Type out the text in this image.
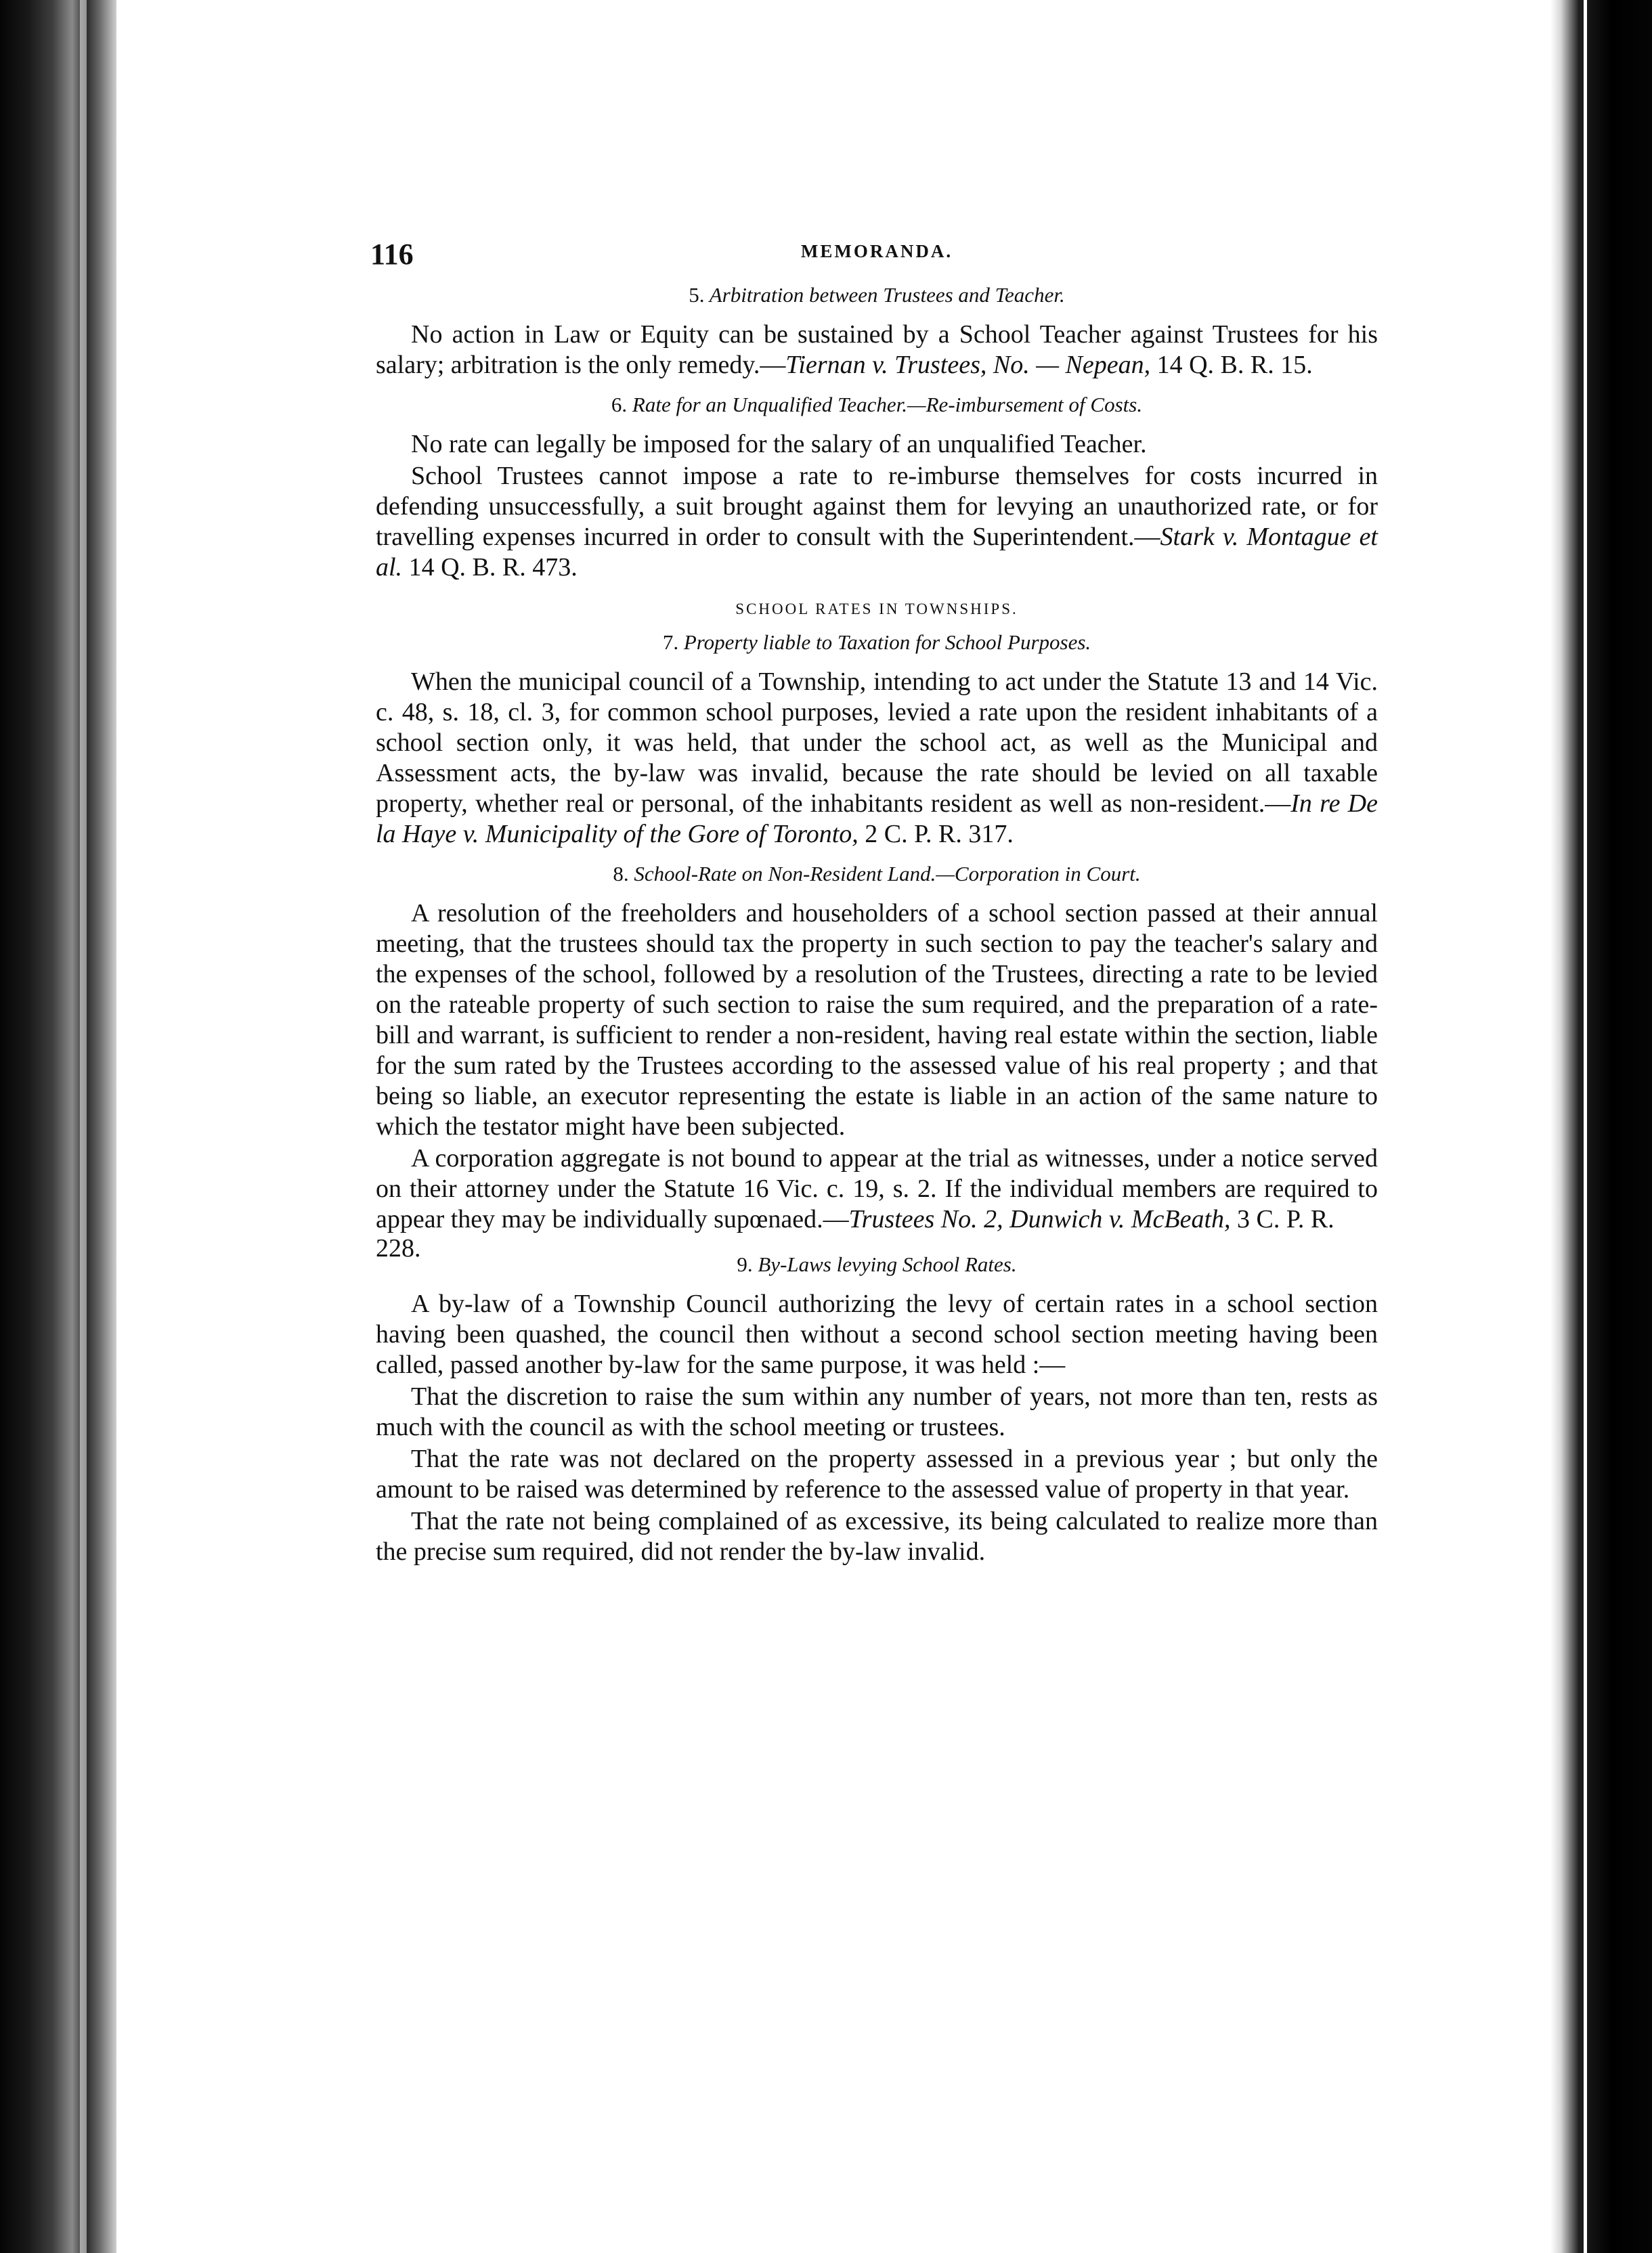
116	MEMORANDA.
5. Arbitration between Trustees and Teacher.

No action in Law or Equity can be sustained by a School Teacher against Trustees for his salary; arbitration is the only remedy.—Tiernan v. Trustees, No. — Nepean, 14 Q. B. R. 15.

6. Rate for an Unqualified Teacher.—Re-imbursement of Costs.

No rate can legally be imposed for the salary of an unqualified Teacher.

School Trustees cannot impose a rate to re-imburse themselves for costs incurred in defending unsuccessfully, a suit brought against them for levying an unauthorized rate, or for travelling expenses incurred in order to consult with the Superintendent.—Stark v. Montague et al. 14 Q. B. R. 473.

SCHOOL RATES IN TOWNSHIPS.
7. Property liable to Taxation for School Purposes.

When the municipal council of a Township, intending to act under the Statute 13 and 14 Vic. c. 48, s. 18, cl. 3, for common school purposes, levied a rate upon the resident inhabitants of a school section only, it was held, that under the school act, as well as the Municipal and Assessment acts, the by-law was invalid, because the rate should be levied on all taxable property, whether real or personal, of the inhabitants resident as well as non-resident.—In re De la Haye v. Municipality of the Gore of Toronto, 2 C. P. R. 317.

8. School-Rate on Non-Resident Land.—Corporation in Court.

A resolution of the freeholders and householders of a school section passed at their annual meeting, that the trustees should tax the property in such section to pay the teacher's salary and the expenses of the school, followed by a resolution of the Trustees, directing a rate to be levied on the rateable property of such section to raise the sum required, and the preparation of a rate-bill and warrant, is sufficient to render a non-resident, having real estate within the section, liable for the sum rated by the Trustees according to the assessed value of his real property ; and that being so liable, an executor representing the estate is liable in an action of the same nature to which the testator might have been subjected.

A corporation aggregate is not bound to appear at the trial as witnesses, under a notice served on their attorney under the Statute 16 Vic. c. 19, s. 2. If the individual members are required to appear they may be individually supœnaed.—Trustees No. 2, Dunwich v. McBeath, 3 C. P. R.

228.
9. By-Laws levying School Rates.

A by-law of a Township Council authorizing the levy of certain rates in a school section having been quashed, the council then without a second school section meeting having been called, passed another by-law for the same purpose, it was held :—

That the discretion to raise the sum within any number of years, not more than ten, rests as much with the council as with the school meeting or trustees.

That the rate was not declared on the property assessed in a previous year ; but only the amount to be raised was determined by reference to the assessed value of property in that year.

That the rate not being complained of as excessive, its being calculated to realize more than the precise sum required, did not render the by-law invalid.
